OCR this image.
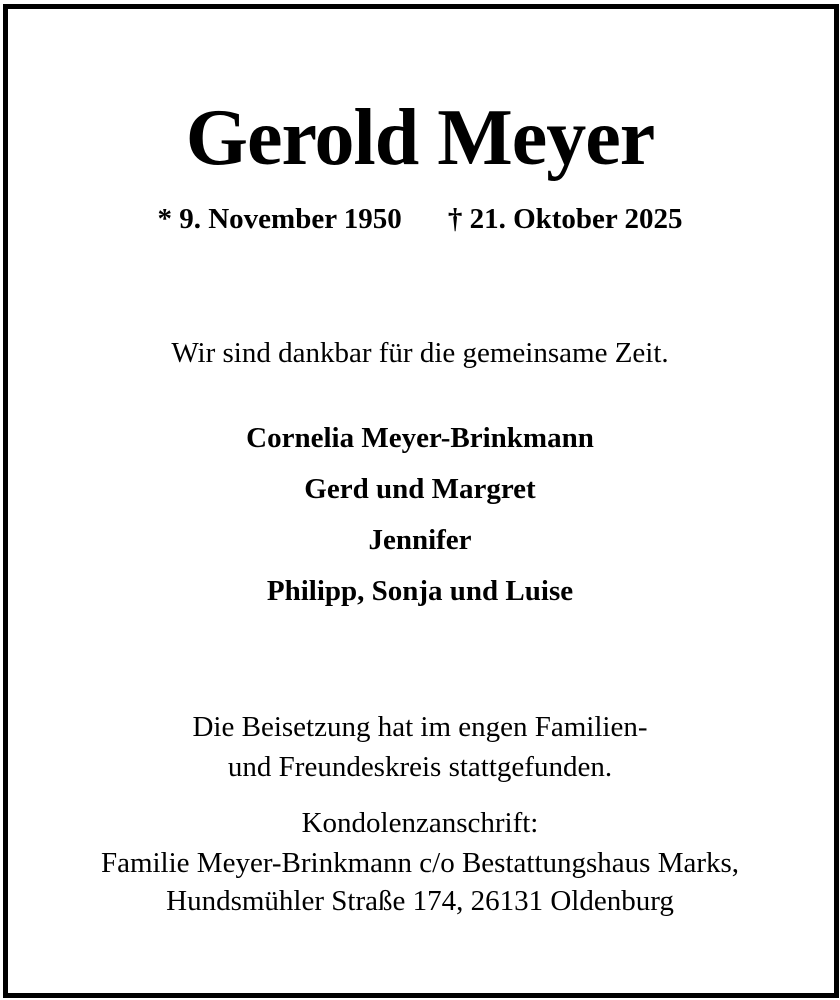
Gerold Meyer
* 9. November 1950 † 21. Oktober 2025
Wir sind dankbar für die gemeinsame Zeit.
Cornelia Meyer-Brinkmann
Gerd und Margret
Jennifer
Philipp, Sonja und Luise
Die Beisetzung hat im engen Familien-
und Freundeskreis stattgefunden.
Kondolenzanschrift:
Familie Meyer-Brinkmann c/o Bestattungshaus Marks,
Hundsmühler Straße 174, 26131 Oldenburg
